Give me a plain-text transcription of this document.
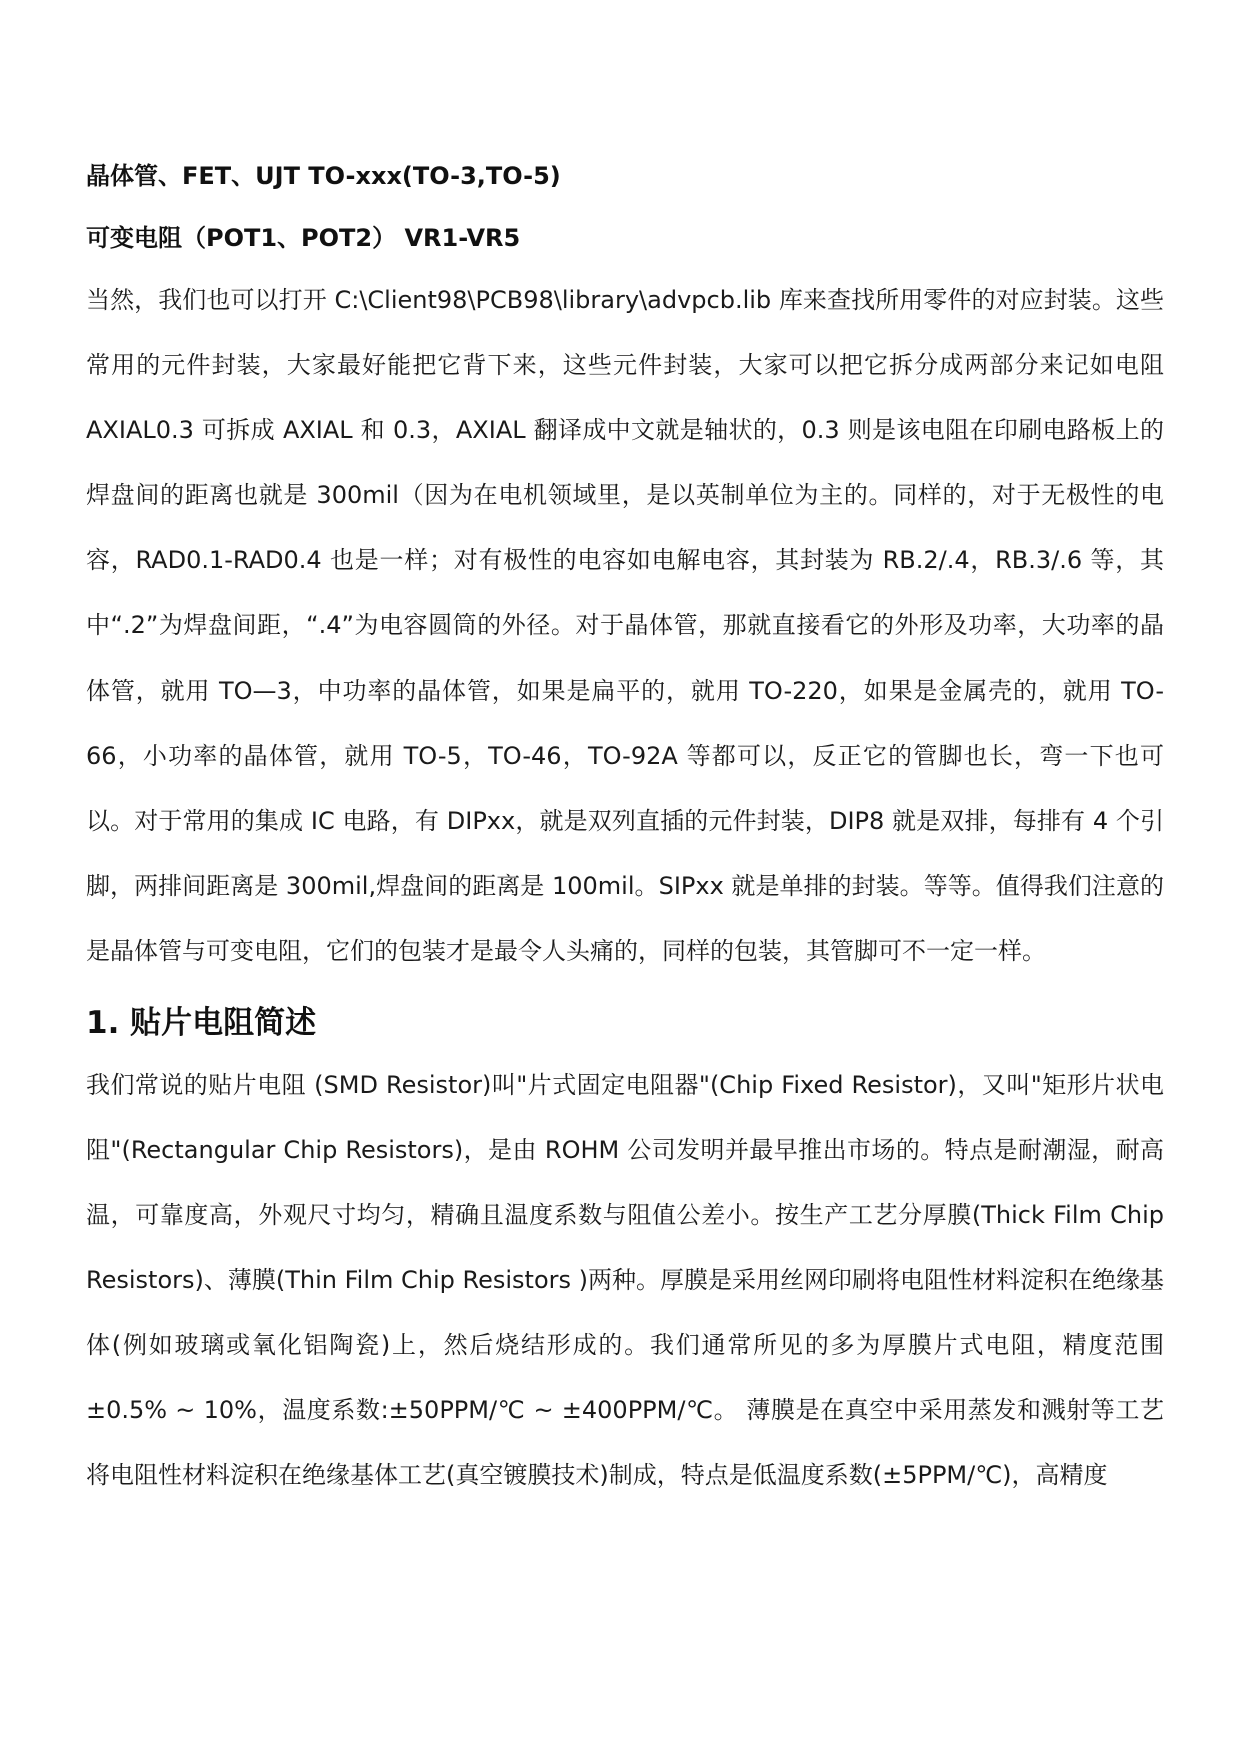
晶体管、FET、UJT TO-xxx(TO-3,TO-5)

可变电阻（POT1、POT2） VR1-VR5

当然，我们也可以打开 C:\Client98\PCB98\library\advpcb.lib 库来查找所用零件的对应封装。这些常用的元件封装，大家最好能把它背下来，这些元件封装，大家可以把它拆分成两部分来记如电阻 AXIAL0.3 可拆成 AXIAL 和 0.3，AXIAL 翻译成中文就是轴状的，0.3 则是该电阻在印刷电路板上的焊盘间的距离也就是 300mil（因为在电机领域里，是以英制单位为主的。同样的，对于无极性的电容，RAD0.1-RAD0.4 也是一样；对有极性的电容如电解电容，其封装为 RB.2/.4，RB.3/.6 等，其中“.2”为焊盘间距，“.4”为电容圆筒的外径。对于晶体管，那就直接看它的外形及功率，大功率的晶体管，就用 TO—3，中功率的晶体管，如果是扁平的，就用 TO-220，如果是金属壳的，就用 TO-66，小功率的晶体管，就用 TO-5，TO-46，TO-92A 等都可以，反正它的管脚也长，弯一下也可以。对于常用的集成 IC 电路，有 DIPxx，就是双列直插的元件封装，DIP8 就是双排，每排有 4 个引脚，两排间距离是 300mil,焊盘间的距离是 100mil。SIPxx 就是单排的封装。等等。值得我们注意的是晶体管与可变电阻，它们的包装才是最令人头痛的，同样的包装，其管脚可不一定一样。

1. 贴片电阻简述

我们常说的贴片电阻 (SMD Resistor)叫"片式固定电阻器"(Chip Fixed Resistor)，又叫"矩形片状电阻"(Rectangular Chip Resistors)，是由 ROHM 公司发明并最早推出市场的。特点是耐潮湿，耐高温，可靠度高，外观尺寸均匀，精确且温度系数与阻值公差小。按生产工艺分厚膜(Thick Film Chip Resistors)、薄膜(Thin Film Chip Resistors )两种。厚膜是采用丝网印刷将电阻性材料淀积在绝缘基体(例如玻璃或氧化铝陶瓷)上，然后烧结形成的。我们通常所见的多为厚膜片式电阻，精度范围±0.5% ~ 10%，温度系数:±50PPM/℃ ~ ±400PPM/℃。 薄膜是在真空中采用蒸发和溅射等工艺将电阻性材料淀积在绝缘基体工艺(真空镀膜技术)制成，特点是低温度系数(±5PPM/℃)，高精度
